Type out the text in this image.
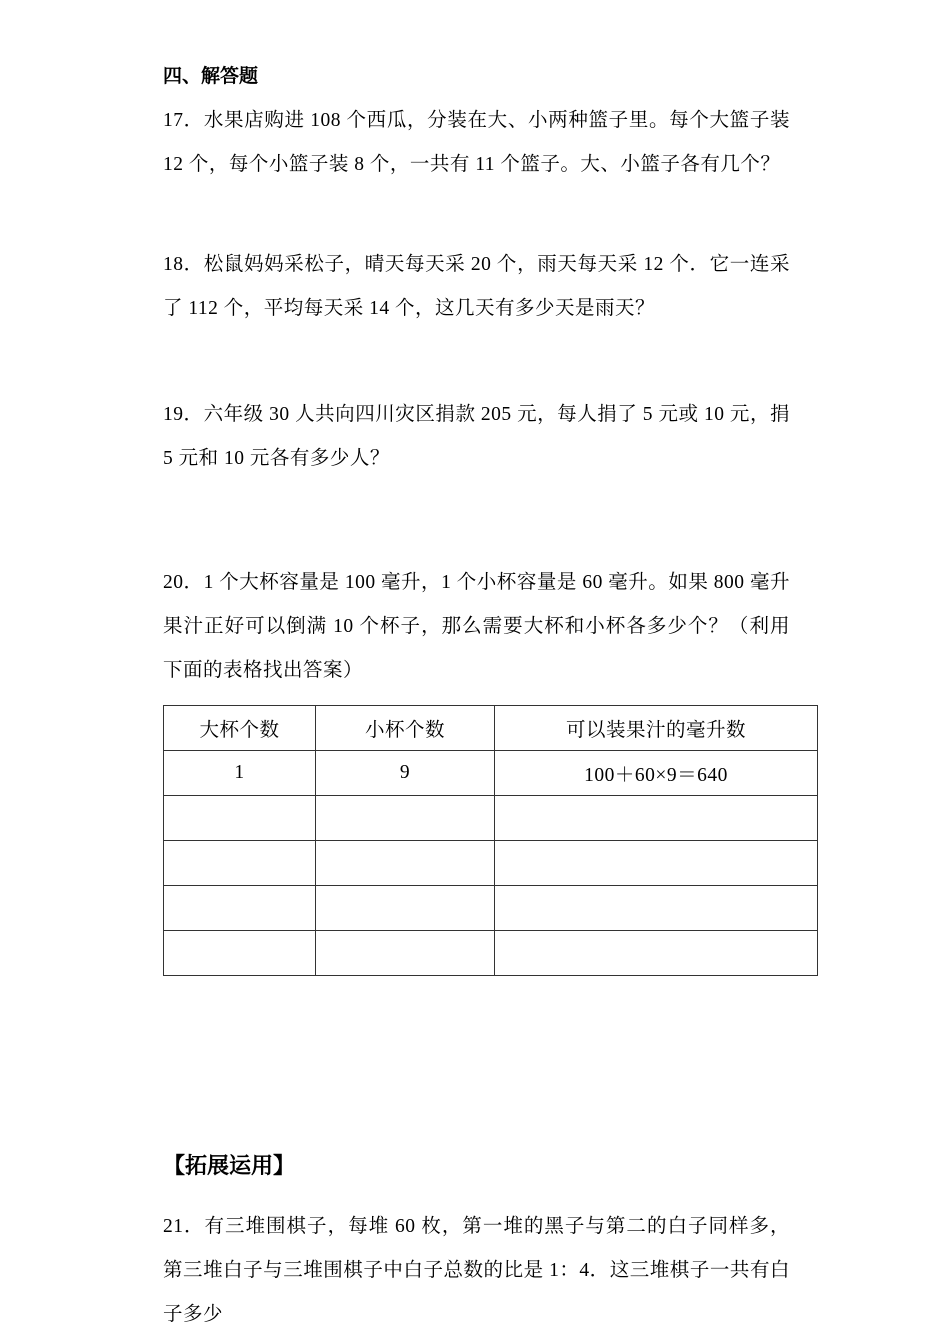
四、解答题

17．水果店购进 108 个西瓜，分装在大、小两种篮子里。每个大篮子装 12 个，每个小篮子装 8 个，一共有 11 个篮子。大、小篮子各有几个？

18．松鼠妈妈采松子，晴天每天采 20 个，雨天每天采 12 个．它一连采了 112 个，平均每天采 14 个，这几天有多少天是雨天？

19．六年级 30 人共向四川灾区捐款 205 元，每人捐了 5 元或 10 元，捐 5 元和 10 元各有多少人？

20．1 个大杯容量是 100 毫升，1 个小杯容量是 60 毫升。如果 800 毫升果汁正好可以倒满 10 个杯子，那么需要大杯和小杯各多少个？（利用下面的表格找出答案）

大杯个数	小杯个数	可以装果汁的毫升数
1	9	100＋60×9＝640

【拓展运用】

21．有三堆围棋子，每堆 60 枚，第一堆的黑子与第二的白子同样多，第三堆白子与三堆围棋子中白子总数的比是 1：4．这三堆棋子一共有白子多少
